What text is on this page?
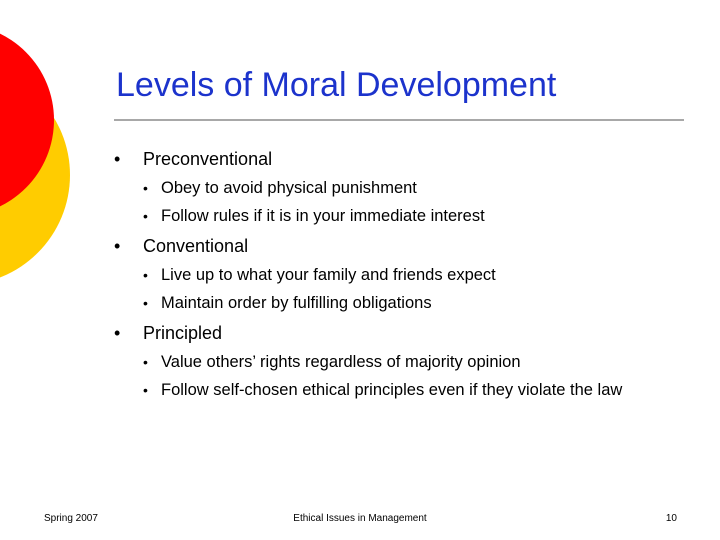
Levels of Moral Development
• Preconventional
• Obey to avoid physical punishment
• Follow rules if it is in your immediate interest
• Conventional
• Live up to what your family and friends expect
• Maintain order by fulfilling obligations
• Principled
• Value others’ rights regardless of majority opinion
• Follow self-chosen ethical principles even if they violate the law
Spring 2007	Ethical Issues in Management	10
